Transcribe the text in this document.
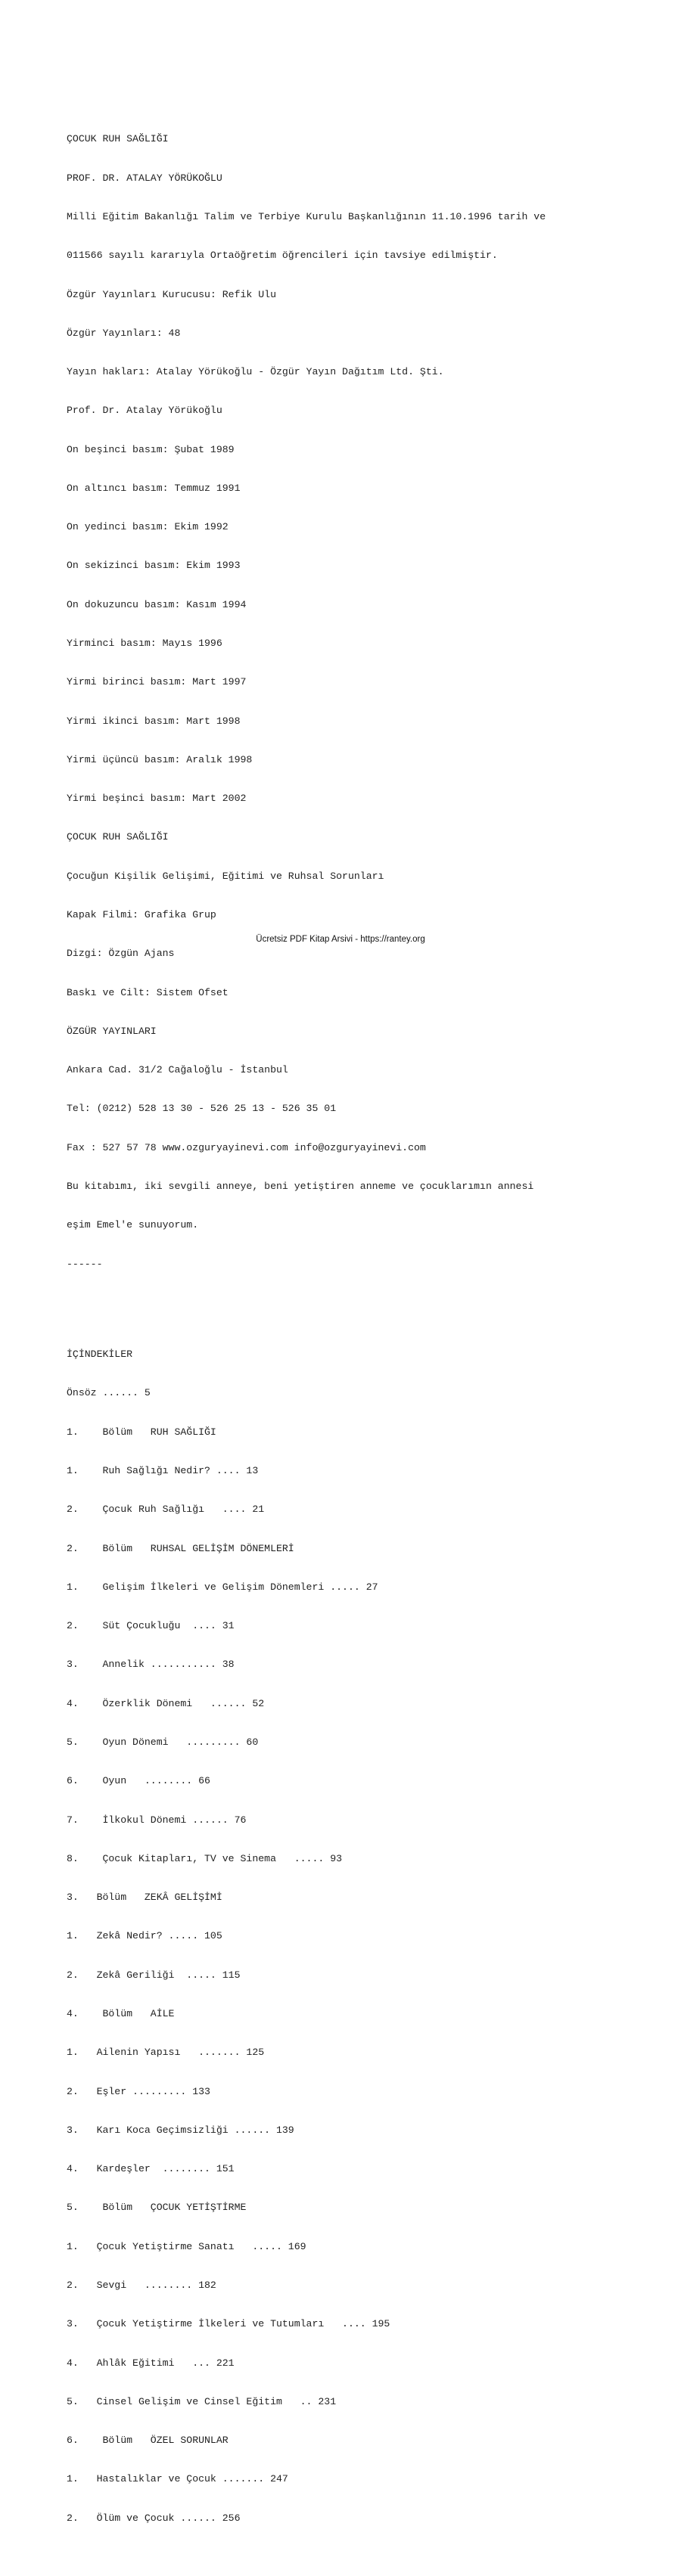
ÇOCUK RUH SAĞLIĞI

PROF. DR. ATALAY YÖRÜKOĞLU

Milli Eğitim Bakanlığı Talim ve Terbiye Kurulu Başkanlığının 11.10.1996 tarih ve

011566 sayılı kararıyla Ortaöğretim öğrencileri için tavsiye edilmiştir.

Özgür Yayınları Kurucusu: Refik Ulu

Özgür Yayınları: 48

Yayın hakları: Atalay Yörükoğlu - Özgür Yayın Dağıtım Ltd. Şti.

Prof. Dr. Atalay Yörükoğlu

On beşinci basım: Şubat 1989

On altıncı basım: Temmuz 1991

On yedinci basım: Ekim 1992

On sekizinci basım: Ekim 1993

On dokuzuncu basım: Kasım 1994

Yirminci basım: Mayıs 1996

Yirmi birinci basım: Mart 1997

Yirmi ikinci basım: Mart 1998

Yirmi üçüncü basım: Aralık 1998

Yirmi beşinci basım: Mart 2002

ÇOCUK RUH SAĞLIĞI

Çocuğun Kişilik Gelişimi, Eğitimi ve Ruhsal Sorunları

Kapak Filmi: Grafika Grup

Dizgi: Özgün Ajans

Baskı ve Cilt: Sistem Ofset

ÖZGÜR YAYINLARI

Ankara Cad. 31/2 Cağaloğlu - İstanbul

Tel: (0212) 528 13 30 - 526 25 13 - 526 35 01

Fax : 527 57 78 www.ozguryayinevi.com info@ozguryayinevi.com

Bu kitabımı, iki sevgili anneye, beni yetiştiren anneme ve çocuklarımın annesi

eşim Emel'e sunuyorum.

------

İÇİNDEKİLER

Önsöz ...... 5

1.    Bölüm   RUH SAĞLIĞI

1.    Ruh Sağlığı Nedir? .... 13

2.    Çocuk Ruh Sağlığı   .... 21

2.    Bölüm   RUHSAL GELİŞİM DÖNEMLERİ

1.    Gelişim İlkeleri ve Gelişim Dönemleri ..... 27

2.    Süt Çocukluğu  .... 31

3.    Annelik ........... 38

4.    Özerklik Dönemi   ...... 52

5.    Oyun Dönemi   ......... 60

6.    Oyun   ........ 66

7.    İlkokul Dönemi ...... 76

8.    Çocuk Kitapları, TV ve Sinema   ..... 93

3.   Bölüm   ZEKÂ GELİŞİMİ

1.   Zekâ Nedir? ..... 105

2.   Zekâ Geriliği  ..... 115

4.    Bölüm   AİLE

1.   Ailenin Yapısı   ....... 125

2.   Eşler ......... 133

3.   Karı Koca Geçimsizliği ...... 139

4.   Kardeşler  ........ 151

5.    Bölüm   ÇOCUK YETİŞTİRME

1.   Çocuk Yetiştirme Sanatı   ..... 169

2.   Sevgi   ........ 182

3.   Çocuk Yetiştirme İlkeleri ve Tutumları   .... 195

4.   Ahlâk Eğitimi   ... 221

5.   Cinsel Gelişim ve Cinsel Eğitim   .. 231

6.    Bölüm   ÖZEL SORUNLAR

1.   Hastalıklar ve Çocuk ....... 247

2.   Ölüm ve Çocuk ...... 256

Ücretsiz PDF Kitap Arsivi - https://rantey.org
